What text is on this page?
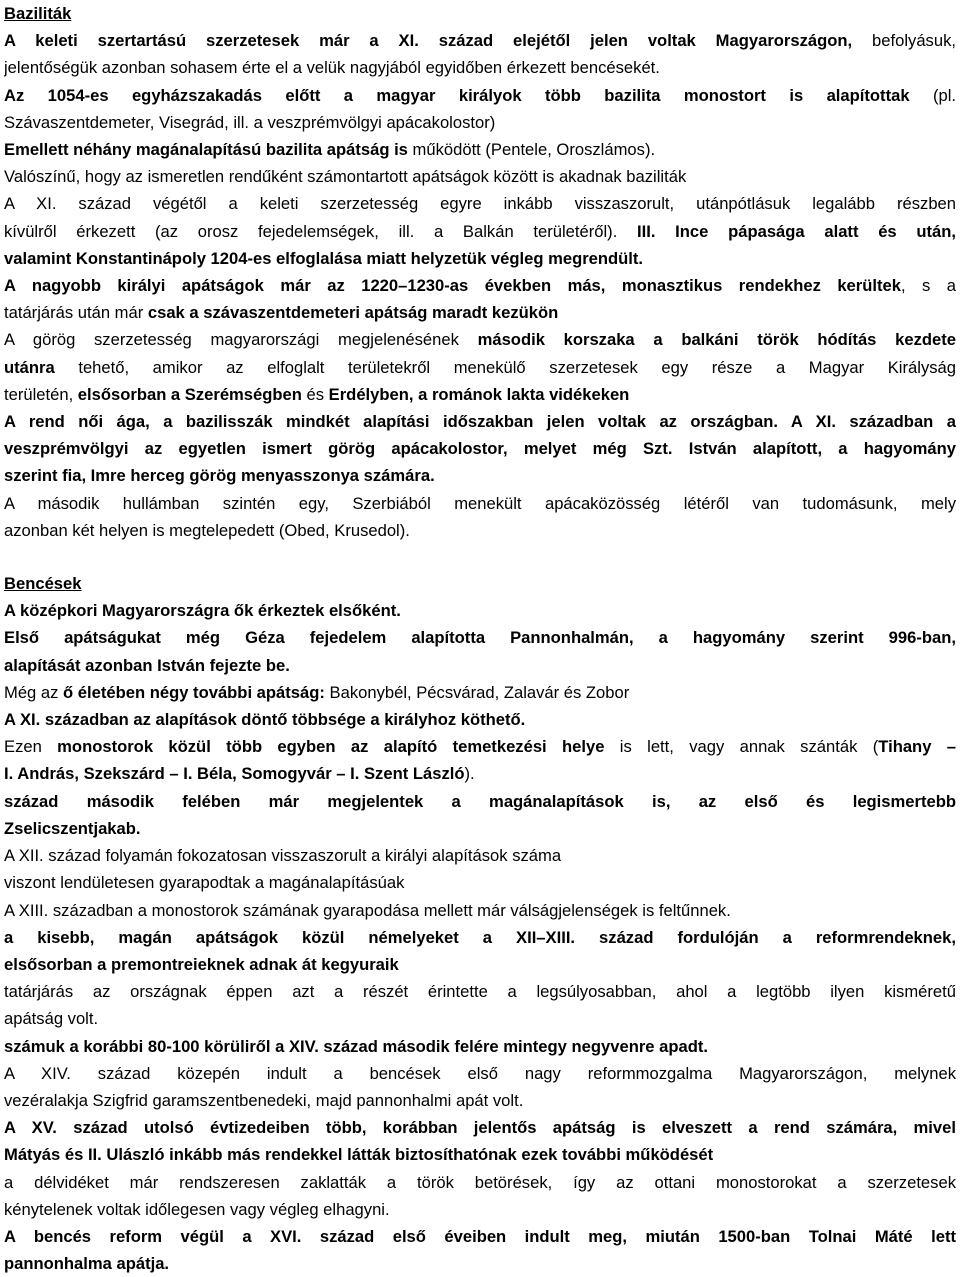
Baziliták
A keleti szertartású szerzetesek már a XI. század elejétől jelen voltak Magyarországon, befolyásuk,
jelentőségük azonban sohasem érte el a velük nagyjából egyidőben érkezett bencésekét.
Az 1054-es egyházszakadás előtt a magyar királyok több bazilita monostort is alapítottak (pl.
Szávaszentdemeter, Visegrád, ill. a veszprémvölgyi apácakolostor)
Emellett néhány magánalapítású bazilita apátság is működött (Pentele, Oroszlámos).
Valószínű, hogy az ismeretlen rendűként számontartott apátságok között is akadnak baziliták
A XI. század végétől a keleti szerzetesség egyre inkább visszaszorult, utánpótlásuk legalább részben
kívülről érkezett (az orosz fejedelemségek, ill. a Balkán területéről). III. Ince pápasága alatt és után,
valamint Konstantinápoly 1204-es elfoglalása miatt helyzetük végleg megrendült.
A nagyobb királyi apátságok már az 1220–1230-as években más, monasztikus rendekhez kerültek, s a
tatárjárás után már csak a szávaszentdemeteri apátság maradt kezükön
A görög szerzetesség magyarországi megjelenésének második korszaka a balkáni török hódítás kezdete
utánra tehető, amikor az elfoglalt területekről menekülő szerzetesek egy része a Magyar Királyság
területén, elsősorban a Szerémségben és Erdélyben, a románok lakta vidékeken
A rend női ága, a bazilisszák mindkét alapítási időszakban jelen voltak az országban. A XI. században a
veszprémvölgyi az egyetlen ismert görög apácakolostor, melyet még Szt. István alapított, a hagyomány
szerint fia, Imre herceg görög menyasszonya számára.
A második hullámban szintén egy, Szerbiából menekült apácaközösség létéről van tudomásunk, mely
azonban két helyen is megtelepedett (Obed, Krusedol).
Bencések
A középkori Magyarországra ők érkeztek elsőként.
Első apátságukat még Géza fejedelem alapította Pannonhalmán, a hagyomány szerint 996-ban,
alapítását azonban István fejezte be.
Még az ő életében négy további apátság: Bakonybél, Pécsvárad, Zalavár és Zobor
A XI. században az alapítások döntő többsége a királyhoz köthető.
Ezen monostorok közül több egyben az alapító temetkezési helye is lett, vagy annak szánták (Tihany –
I. András, Szekszárd – I. Béla, Somogyvár – I. Szent László).
század második felében már megjelentek a magánalapítások is, az első és legismertebb
Zselicszentjakab.
A XII. század folyamán fokozatosan visszaszorult a királyi alapítások száma
viszont lendületesen gyarapodtak a magánalapításúak
A XIII. században a monostorok számának gyarapodása mellett már válságjelenségek is feltűnnek.
a kisebb, magán apátságok közül némelyeket a XII–XIII. század fordulóján a reformrendeknek,
elsősorban a premontreieknek adnak át kegyuraik
tatárjárás az országnak éppen azt a részét érintette a legsúlyosabban, ahol a legtöbb ilyen kisméretű
apátság volt.
számuk a korábbi 80-100 körüliről a XIV. század második felére mintegy negyvenre apadt.
A XIV. század közepén indult a bencések első nagy reformmozgalma Magyarországon, melynek
vezéralakja Szigfrid garamszentbenedeki, majd pannonhalmi apát volt.
A XV. század utolsó évtizedeiben több, korábban jelentős apátság is elveszett a rend számára, mivel
Mátyás és II. Ulászló inkább más rendekkel látták biztosíthatónak ezek további működését
a délvidéket már rendszeresen zaklatták a török betörések, így az ottani monostorokat a szerzetesek
kénytelenek voltak időlegesen vagy végleg elhagyni.
A bencés reform végül a XVI. század első éveiben indult meg, miután 1500-ban Tolnai Máté lett
pannonhalma apátja.
